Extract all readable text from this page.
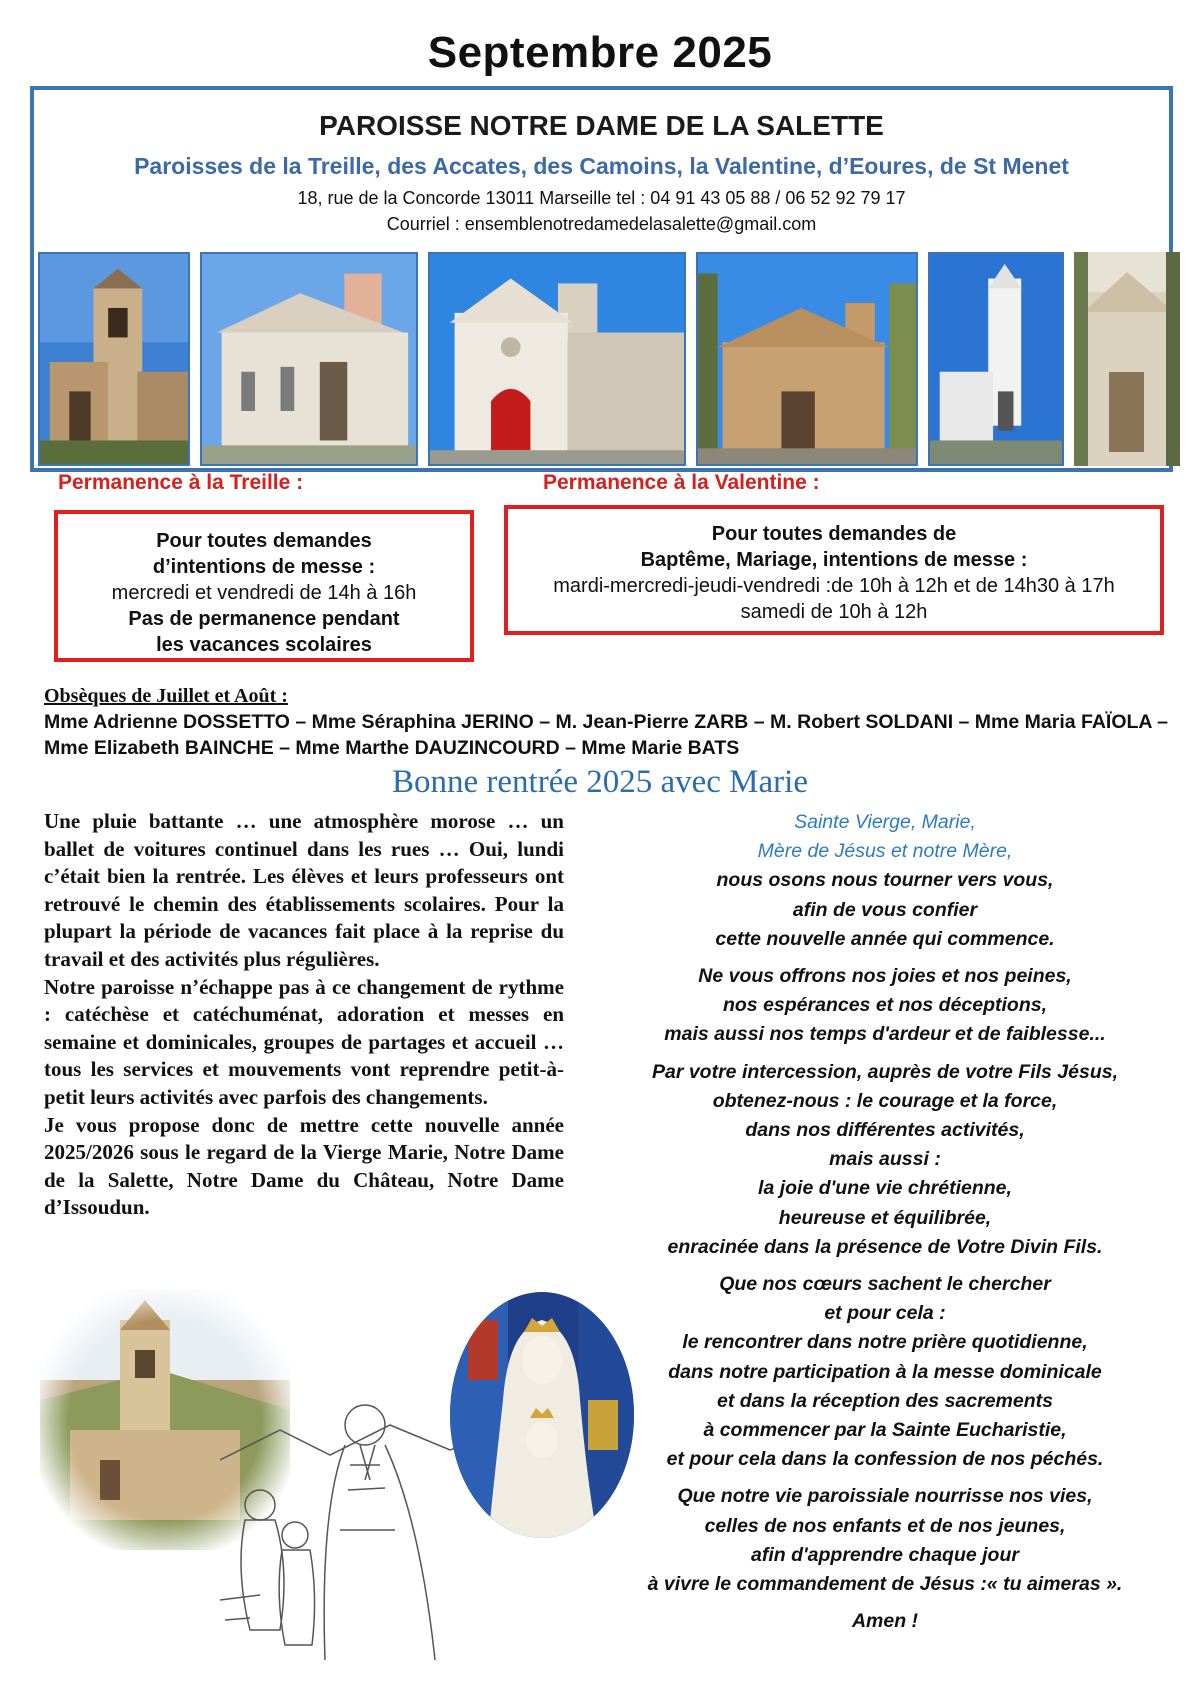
Septembre 2025
PAROISSE NOTRE DAME DE LA SALETTE
Paroisses de la Treille, des Accates, des Camoins, la Valentine, d’Eoures, de St Menet
18, rue de la Concorde 13011 Marseille tel : 04 91 43 05 88 / 06 52 92 79 17
Courriel : ensemblenotredamedelasalette@gmail.com
Permanence à la Treille :	Permanence à la Valentine :
Pour toutes demandes
d’intentions de messe :
mercredi et vendredi de 14h à 16h
Pas de permanence pendant
les vacances scolaires
Pour toutes demandes de
Baptême, Mariage, intentions de messe :
mardi-mercredi-jeudi-vendredi :de 10h à 12h et de 14h30 à 17h
samedi de 10h à 12h
Obsèques de Juillet et Août :
Mme Adrienne DOSSETTO – Mme Séraphina JERINO – M. Jean-Pierre ZARB – M. Robert SOLDANI – Mme Maria FAÏOLA – Mme Elizabeth BAINCHE – Mme Marthe DAUZINCOURD – Mme Marie BATS
Bonne rentrée 2025 avec Marie

Une pluie battante … une atmosphère morose … un ballet de voitures continuel dans les rues … Oui, lundi c’était bien la rentrée. Les élèves et leurs professeurs ont retrouvé le chemin des établissements scolaires. Pour la plupart la période de vacances fait place à la reprise du travail et des activités plus régulières.

Notre paroisse n’échappe pas à ce changement de rythme : catéchèse et catéchuménat, adoration et messes en semaine et dominicales, groupes de partages et accueil … tous les services et mouvements vont reprendre petit-à-petit leurs activités avec parfois des changements.

Je vous propose donc de mettre cette nouvelle année 2025/2026 sous le regard de la Vierge Marie, Notre Dame de la Salette, Notre Dame du Château, Notre Dame d’Issoudun.

Sainte Vierge, Marie,
Mère de Jésus et notre Mère,
nous osons nous tourner vers vous,
afin de vous confier
cette nouvelle année qui commence.
Ne vous offrons nos joies et nos peines,
nos espérances et nos déceptions,
mais aussi nos temps d'ardeur et de faiblesse...
Par votre intercession, auprès de votre Fils Jésus,
obtenez-nous : le courage et la force,
dans nos différentes activités,
mais aussi :
la joie d'une vie chrétienne,
heureuse et équilibrée,
enracinée dans la présence de Votre Divin Fils.
Que nos cœurs sachent le chercher
et pour cela :
le rencontrer dans notre prière quotidienne,
dans notre participation à la messe dominicale
et dans la réception des sacrements
à commencer par la Sainte Eucharistie,
et pour cela dans la confession de nos péchés.
Que notre vie paroissiale nourrisse nos vies,
celles de nos enfants et de nos jeunes,
afin d'apprendre chaque jour
à vivre le commandement de Jésus :« tu aimeras ».
Amen !
